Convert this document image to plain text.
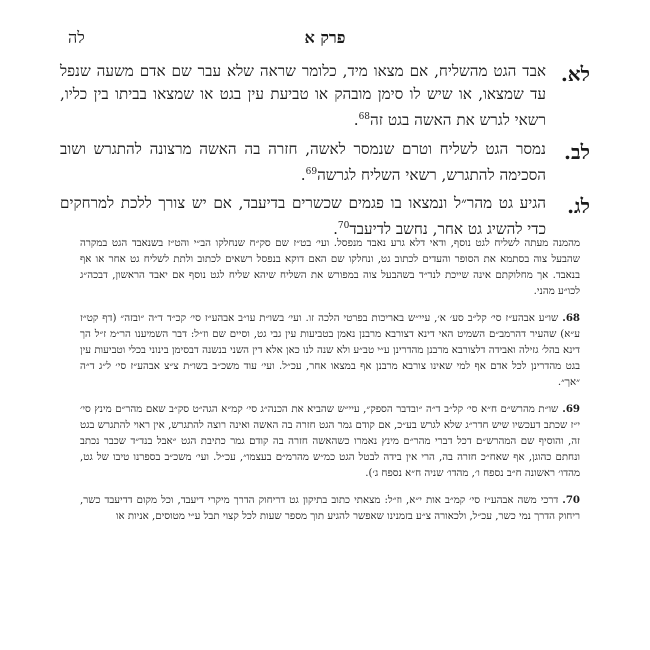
פרק א
לה
לא.
אבד הגט מהשליח, אם מצאו מיד, כלומר שראה שלא עבר שם אדם משעה שנפל עד שמצאו, או שיש לו סימן מובהק או טביעת עין בגט או שמצאו בביתו בין כליו, רשאי לגרש את האשה בגט זה$^{68}$.
לב.
נמסר הגט לשליח וטרם שנמסר לאשה, חזרה בה האשה מרצונה להתגרש ושוב הסכימה להתגרש, רשאי השליח לגרשה$^{69}$.
לג.
הגיע גט מהר״ל ונמצאו בו פגמים שכשרים בדיעבד, אם יש צורך ללכת למרחקים כדי להשיג גט אחר, נחשב לדיעבד$^{70}$.

מהמנה מעתה לשליח לגט נוסף, ודאי דלא גרע נאבד מנפסל. ועי׳ בט״ז שם סק״ח שנחלקו הב״י והט״ז בשנאבד הגט במקרה שהבעל צוה בסתמא את הסופר והעדים לכתוב גט, ונחלקו שם האם דוקא בנפסל רשאים לכתוב ולתת לשליח גט אחר או אף בנאבד. אך מחלוקתם אינה שייכת לנד״ד בשהבעל צוה במפורש את השליח שיהא שליח לגט נוסף אם יאבד הראשון, דבכה״ג לכו״ע מהני.

68.שו״ע אבהע״ז סי׳ קל״ב סע׳ א׳, עיי״ש באריכות בפרטי הלכה זו. ועי׳ בשו״ת עו״ב אבהע״ז סי׳ קכ״ד ד״ה ״ובזה״ (דף קט״ז ע״א) שהעיר דהרמב״ם השמיט האי דינא דצורבא מרבנן נאמן בטביעות עין גבי גט, וסיים שם וז״ל: דבר השמיענו הר״מ ז״ל הך דינא בהל׳ גזילה ואבידה דלצורבא מרבנן מהדרינן ע״י טב״ע ולא שנה לנו כאן אלא דין השני בנשנה דבסימן בינוני בכלי וטביעות עין בגט מהדרינן לכל אדם אף למי שאינו צורבא מרבנן אף במצאו אחר, עכ״ל. ועי׳ עוד משכ״ב בשו״ת צ״צ אבהע״ז סי׳ ל״ג ד״ה ״אך״.

69.שו״ת מהרש״ם ח״א סי׳ קל״ב ד״ה ״ובדבר הספק״, עיי״ש שהביא את הכנה״ג סי׳ קמ״א הגה״ט סק״ב שאם מהר״ם מינץ סי׳ י״ז שכתב דעכשיו שיש חדר״ג שלא לגרש בע״כ, אם קודם גמר הגט חזרה בה האשה ואינה רוצה להתגרש, אין ראוי להתגרש בגט זה, והוסיף שם המהרש״ם דכל דברי מהר״ם מינץ נאמרו כשהאשה חזרה בה קודם גמר כתיבת הגט ״אבל בנד״ד שכבר נכתב ונחתם כהוגן, אף שאח״כ חזרה בה, הרי אין בידה לבטל הגט כמ״ש מהרמ״ם בעצמו״, עכ״ל. ועי׳ משכ״ב בספרנו טיבו של גט, מהדו׳ ראשונה ח״ב נספח ו׳, מהדו׳ שניה ח״א נספח ג׳).

70.דרכי משה אבהע״ז סי׳ קמ״ב אות י״א, וז״ל: מצאתי כתוב בתיקון גט דריחוק הדרך מיקרי דיעבד, וכל מקום דדיעבד כשר, ריחוק הדרך נמי כשר, עכ״ל, ולכאורה צ״ע בזמנינו שאפשר להגיע תוך מספר שעות לכל קצוי תבל ע״י מטוסים, אניות או
